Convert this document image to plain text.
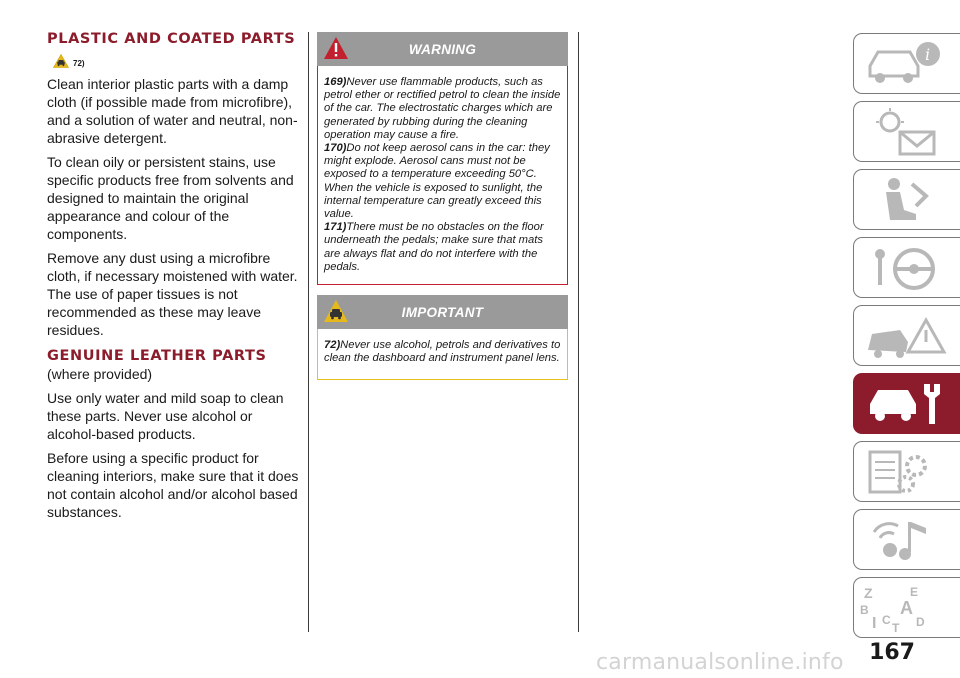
PLASTIC AND COATED PARTS
72)

Clean interior plastic parts with a damp cloth (if possible made from microfibre), and a solution of water and neutral, non-abrasive detergent.

To clean oily or persistent stains, use specific products free from solvents and designed to maintain the original appearance and colour of the components.

Remove any dust using a microfibre cloth, if necessary moistened with water. The use of paper tissues is not recommended as these may leave residues.

GENUINE LEATHER PARTS

(where provided)

Use only water and mild soap to clean these parts. Never use alcohol or alcohol-based products.

Before using a specific product for cleaning interiors, make sure that it does not contain alcohol and/or alcohol based substances.

WARNING

169)Never use flammable products, such as petrol ether or rectified petrol to clean the inside of the car. The electrostatic charges which are generated by rubbing during the cleaning operation may cause a fire.

170)Do not keep aerosol cans in the car: they might explode. Aerosol cans must not be exposed to a temperature exceeding 50°C. When the vehicle is exposed to sunlight, the internal temperature can greatly exceed this value.

171)There must be no obstacles on the floor underneath the pedals; make sure that mats are always flat and do not interfere with the pedals.

IMPORTANT

72)Never use alcohol, petrols and derivatives to clean the dashboard and instrument panel lens.

i
Z	E
B A
I C
T D
167
carmanualsonline.info
